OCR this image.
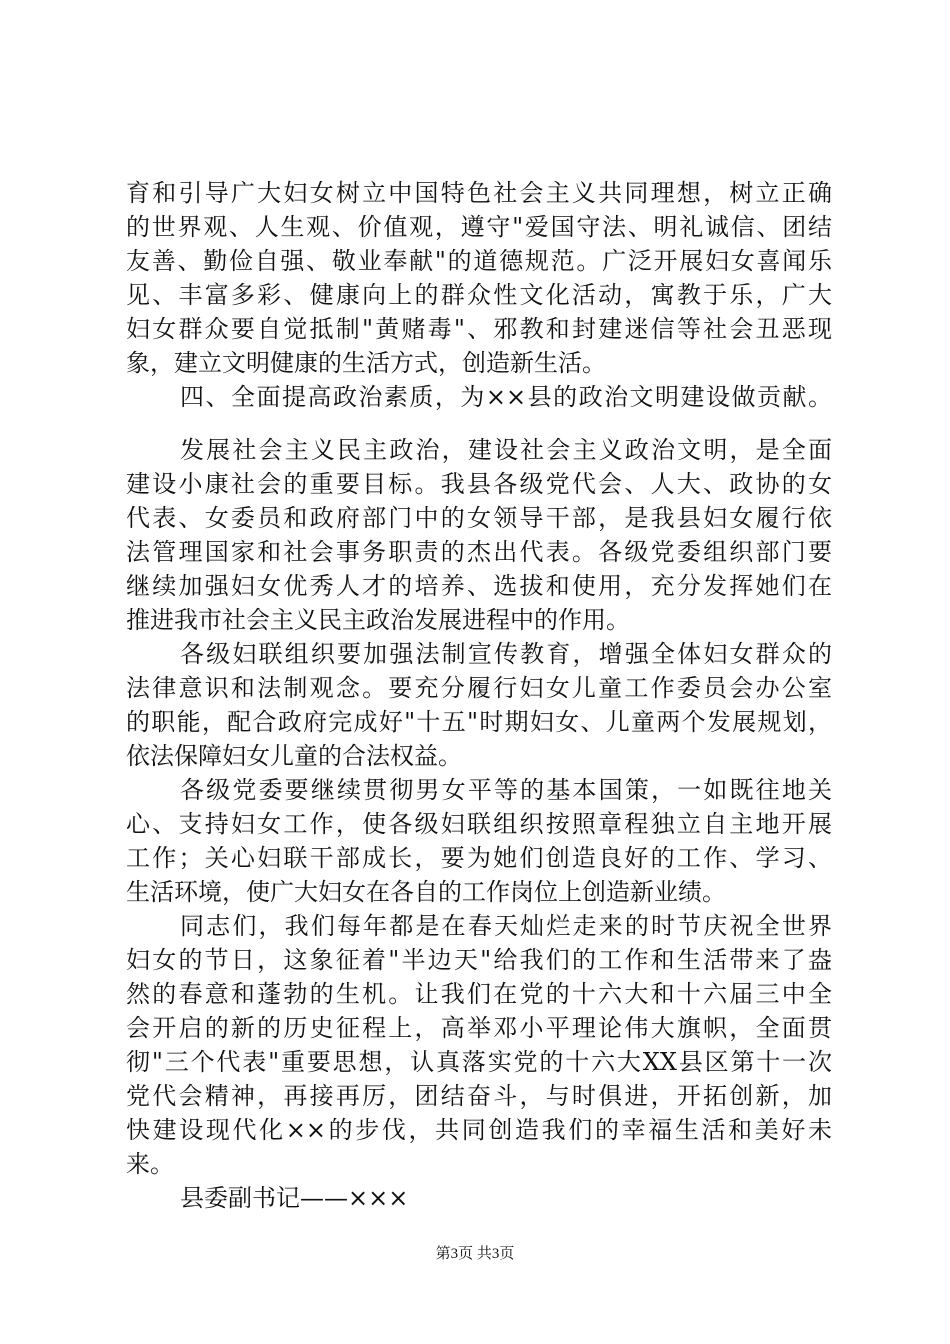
育和引导广大妇女树立中国特色社会主义共同理想，树立正确
的世界观、人生观、价值观，遵守"爱国守法、明礼诚信、团结
友善、勤俭自强、敬业奉献"的道德规范。广泛开展妇女喜闻乐
见、丰富多彩、健康向上的群众性文化活动，寓教于乐，广大
妇女群众要自觉抵制"黄赌毒"、邪教和封建迷信等社会丑恶现
象，建立文明健康的生活方式，创造新生活。
四、全面提高政治素质，为××县的政治文明建设做贡献。
发展社会主义民主政治，建设社会主义政治文明，是全面
建设小康社会的重要目标。我县各级党代会、人大、政协的女
代表、女委员和政府部门中的女领导干部，是我县妇女履行依
法管理国家和社会事务职责的杰出代表。各级党委组织部门要
继续加强妇女优秀人才的培养、选拔和使用，充分发挥她们在
推进我市社会主义民主政治发展进程中的作用。
各级妇联组织要加强法制宣传教育，增强全体妇女群众的
法律意识和法制观念。要充分履行妇女儿童工作委员会办公室
的职能，配合政府完成好"十五"时期妇女、儿童两个发展规划，
依法保障妇女儿童的合法权益。
各级党委要继续贯彻男女平等的基本国策，一如既往地关
心、支持妇女工作，使各级妇联组织按照章程独立自主地开展
工作；关心妇联干部成长，要为她们创造良好的工作、学习、
生活环境，使广大妇女在各自的工作岗位上创造新业绩。
同志们，我们每年都是在春天灿烂走来的时节庆祝全世界
妇女的节日，这象征着"半边天"给我们的工作和生活带来了盎
然的春意和蓬勃的生机。让我们在党的十六大和十六届三中全
会开启的新的历史征程上，高举邓小平理论伟大旗帜，全面贯
彻"三个代表"重要思想，认真落实党的十六大XX县区第十一次
党代会精神，再接再厉，团结奋斗，与时俱进，开拓创新，加
快建设现代化××的步伐，共同创造我们的幸福生活和美好未
来。
县委副书记——×××
第3页 共3页
